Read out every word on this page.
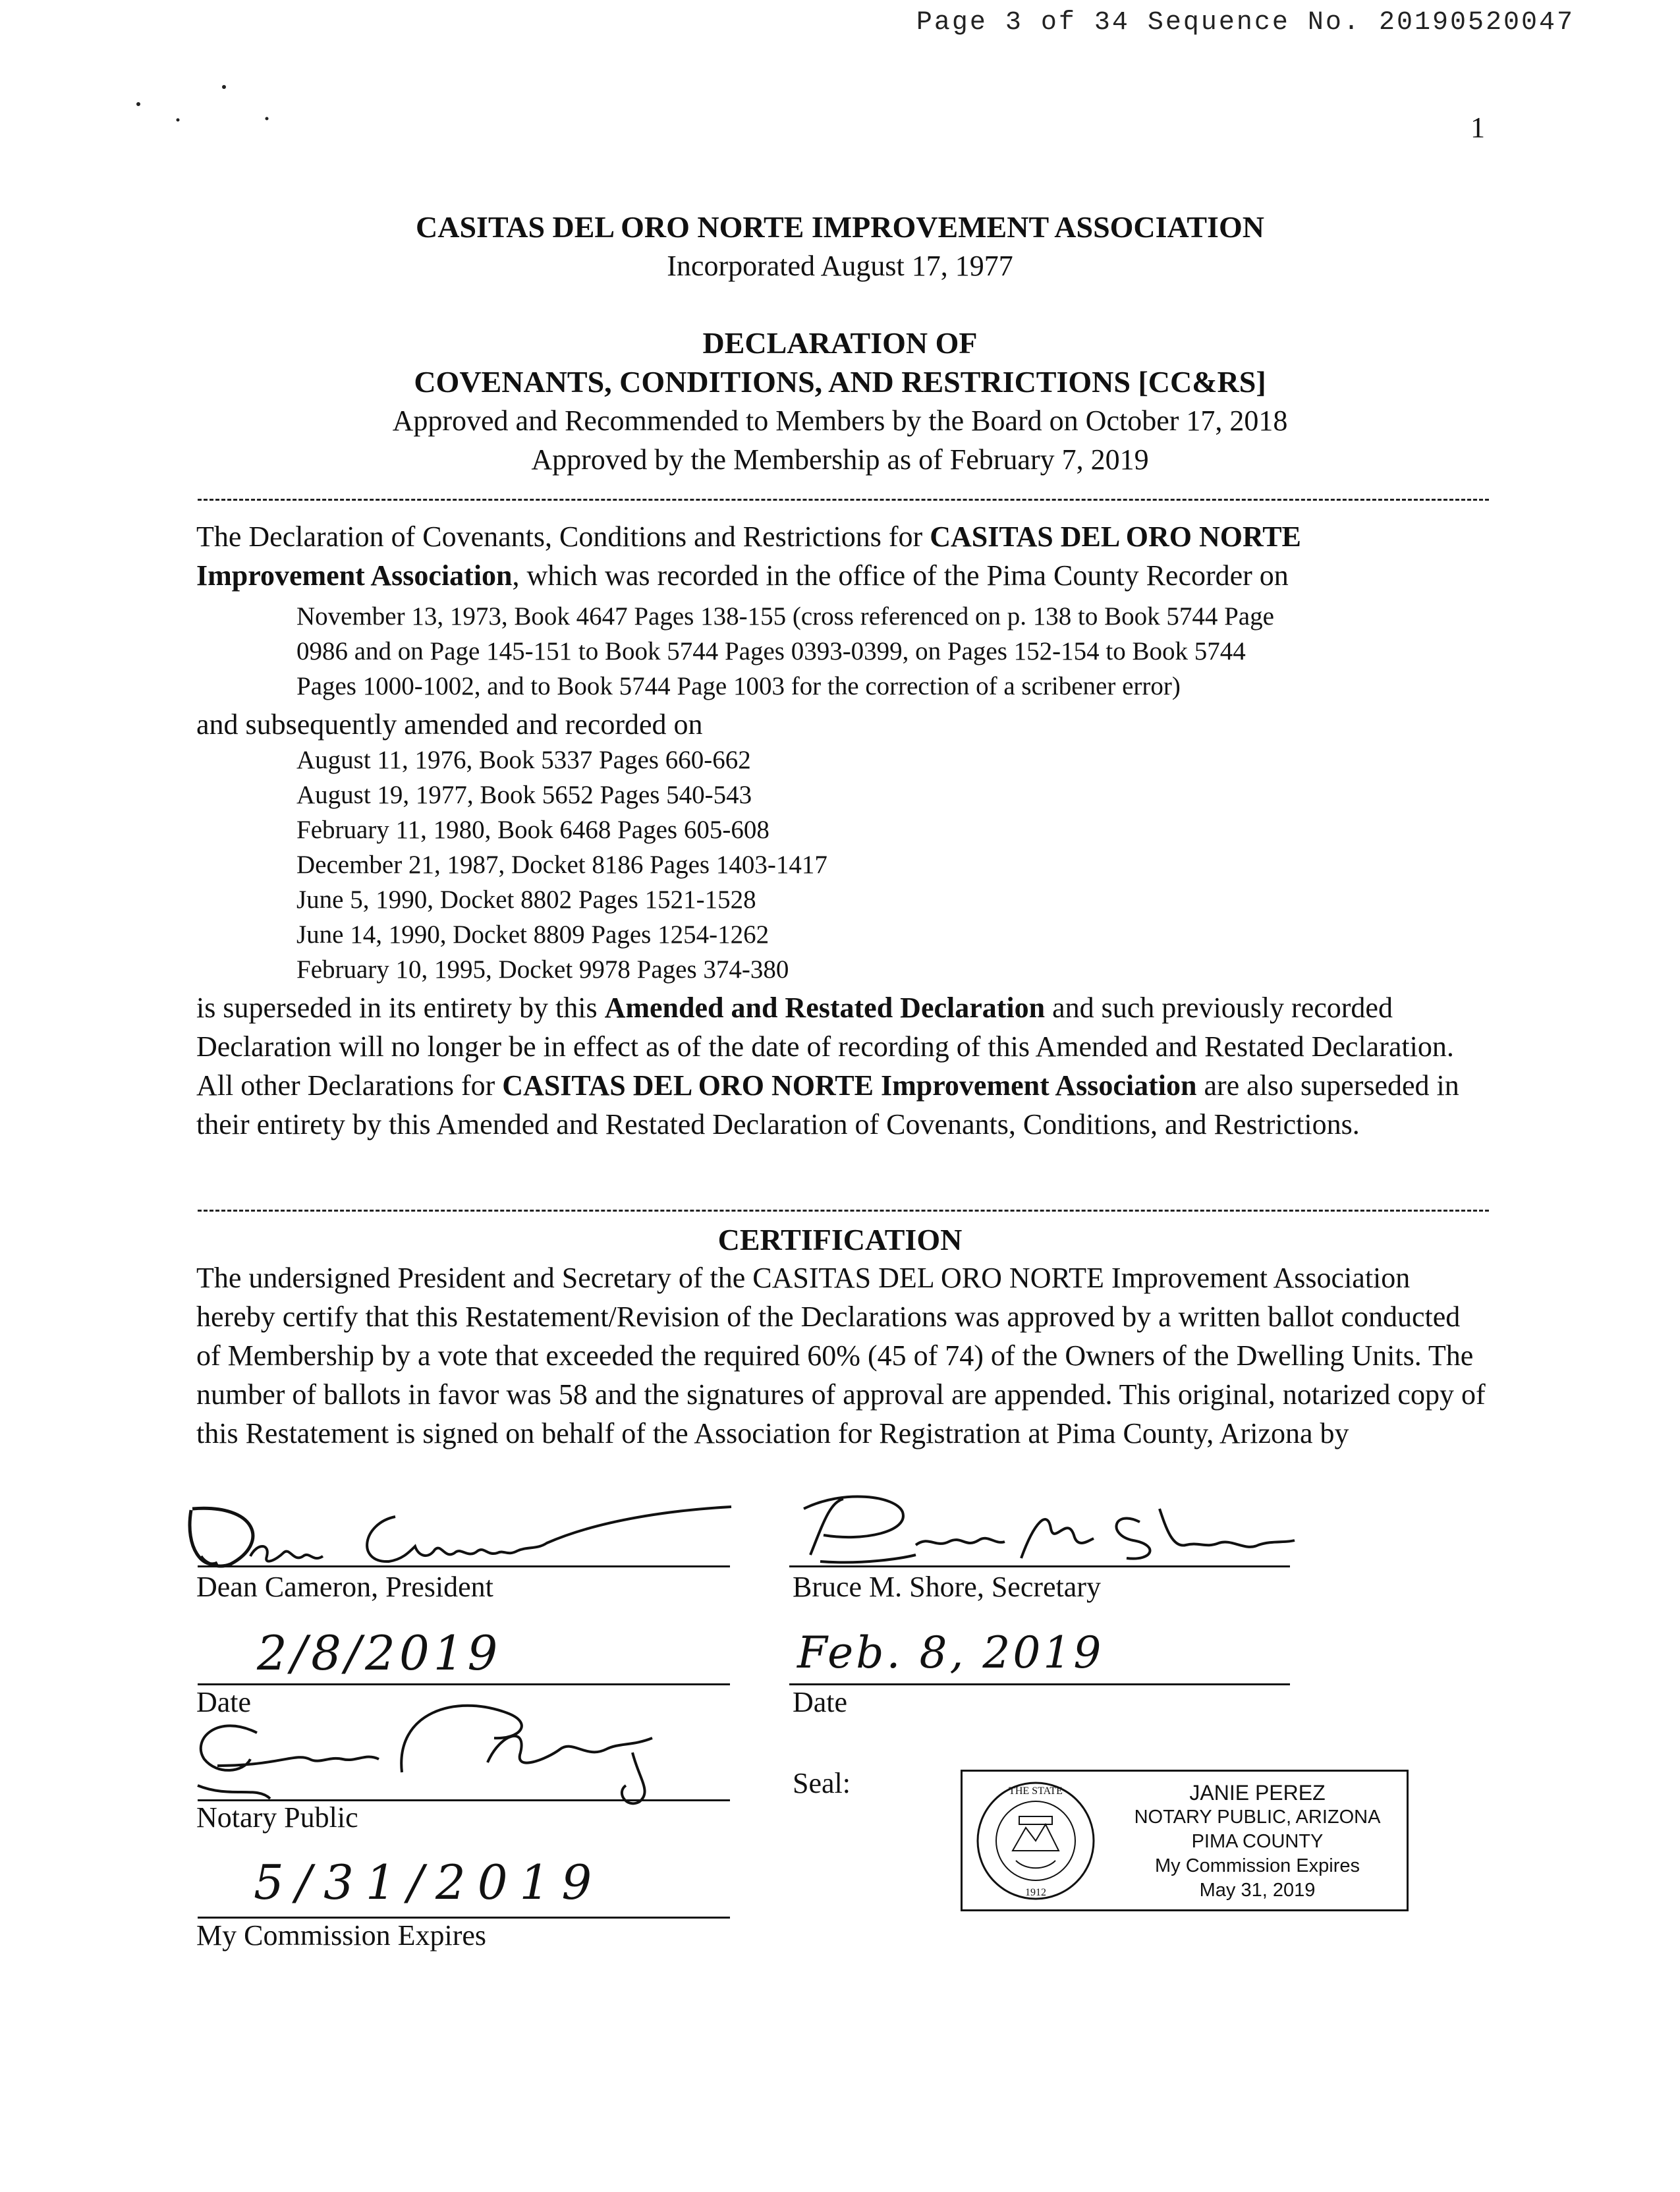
Page 3 of 34 Sequence No. 20190520047
1
CASITAS DEL ORO NORTE IMPROVEMENT ASSOCIATION
Incorporated August 17, 1977
DECLARATION OF
COVENANTS, CONDITIONS, AND RESTRICTIONS [CC&RS]
Approved and Recommended to Members by the Board on October 17, 2018
Approved by the Membership as of February 7, 2019
The Declaration of Covenants, Conditions and Restrictions for CASITAS DEL ORO NORTE
Improvement Association, which was recorded in the office of the Pima County Recorder on
November 13, 1973, Book 4647 Pages 138-155 (cross referenced on p. 138 to Book 5744 Page
0986 and on Page 145-151 to Book 5744 Pages 0393-0399, on Pages 152-154 to Book 5744
Pages 1000-1002, and to Book 5744 Page 1003 for the correction of a scribener error)
and subsequently amended and recorded on
August 11, 1976, Book 5337 Pages 660-662
August 19, 1977, Book 5652 Pages 540-543
February 11, 1980, Book 6468 Pages 605-608
December 21, 1987, Docket 8186 Pages 1403-1417
June 5, 1990, Docket 8802 Pages 1521-1528
June 14, 1990, Docket 8809 Pages 1254-1262
February 10, 1995, Docket 9978 Pages 374-380
is superseded in its entirety by this Amended and Restated Declaration and such previously recorded Declaration will no longer be in effect as of the date of recording of this Amended and Restated Declaration. All other Declarations for CASITAS DEL ORO NORTE Improvement Association are also superseded in their entirety by this Amended and Restated Declaration of Covenants, Conditions, and Restrictions.
CERTIFICATION
The undersigned President and Secretary of the CASITAS DEL ORO NORTE Improvement Association hereby certify that this Restatement/Revision of the Declarations was approved by a written ballot conducted of Membership by a vote that exceeded the required 60% (45 of 74) of the Owners of the Dwelling Units. The number of ballots in favor was 58 and the signatures of approval are appended. This original, notarized copy of this Restatement is signed on behalf of the Association for Registration at Pima County, Arizona by
Dean Cameron, President	Bruce M. Shore, Secretary
2/8/2019
Date
Feb. 8, 2019
Date
Notary Public
5/31/2019
My Commission Expires
Seal:	THE STATE
1912
JANIE PEREZ
NOTARY PUBLIC, ARIZONA
PIMA COUNTY
My Commission Expires
May 31, 2019
